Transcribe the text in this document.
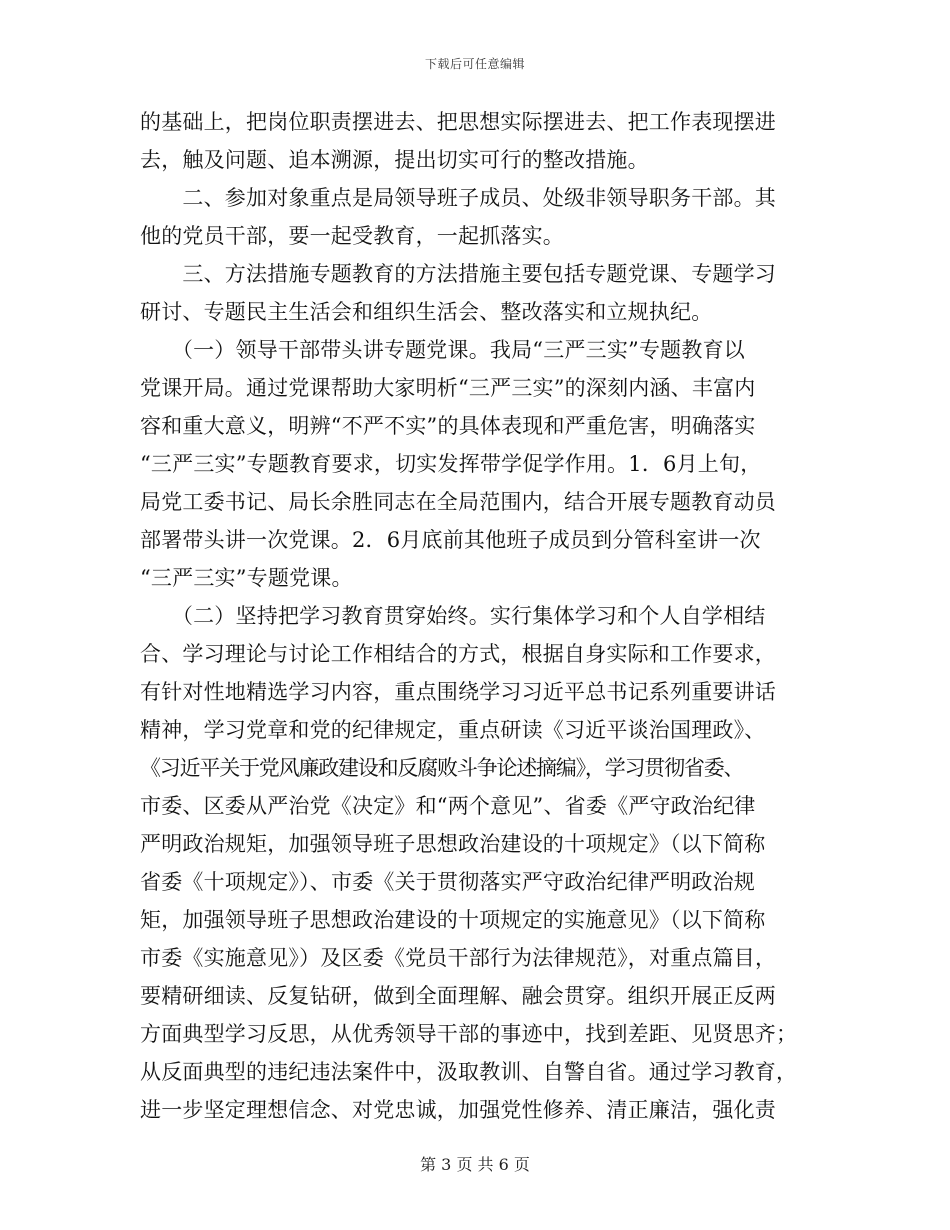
下载后可任意编辑
的基础上，把岗位职责摆进去、把思想实际摆进去、把工作表现摆进
去，触及问题、追本溯源，提出切实可行的整改措施。
　　二、参加对象重点是局领导班子成员、处级非领导职务干部。其
他的党员干部，要一起受教育，一起抓落实。
　　三、方法措施专题教育的方法措施主要包括专题党课、专题学习
研讨、专题民主生活会和组织生活会、整改落实和立规执纪。
　　（一）领导干部带头讲专题党课。我局“三严三实”专题教育以
党课开局。通过党课帮助大家明析“三严三实”的深刻内涵、丰富内
容和重大意义，明辨“不严不实”的具体表现和严重危害，明确落实
“三严三实”专题教育要求，切实发挥带学促学作用。1．6月上旬，
局党工委书记、局长余胜同志在全局范围内，结合开展专题教育动员
部署带头讲一次党课。2．6月底前其他班子成员到分管科室讲一次
“三严三实”专题党课。
　　（二）坚持把学习教育贯穿始终。实行集体学习和个人自学相结
合、学习理论与讨论工作相结合的方式，根据自身实际和工作要求，
有针对性地精选学习内容，重点围绕学习习近平总书记系列重要讲话
精神，学习党章和党的纪律规定，重点研读《习近平谈治国理政》、
《习近平关于党风廉政建设和反腐败斗争论述摘编》，学习贯彻省委、
市委、区委从严治党《决定》和“两个意见”、省委《严守政治纪律
严明政治规矩，加强领导班子思想政治建设的十项规定》（以下简称
省委《十项规定》）、市委《关于贯彻落实严守政治纪律严明政治规
矩，加强领导班子思想政治建设的十项规定的实施意见》（以下简称
市委《实施意见》）及区委《党员干部行为法律规范》，对重点篇目，
要精研细读、反复钻研，做到全面理解、融会贯穿。组织开展正反两
方面典型学习反思，从优秀领导干部的事迹中，找到差距、见贤思齐；
从反面典型的违纪违法案件中，汲取教训、自警自省。通过学习教育，
进一步坚定理想信念、对党忠诚，加强党性修养、清正廉洁，强化责
第 3 页 共 6 页
